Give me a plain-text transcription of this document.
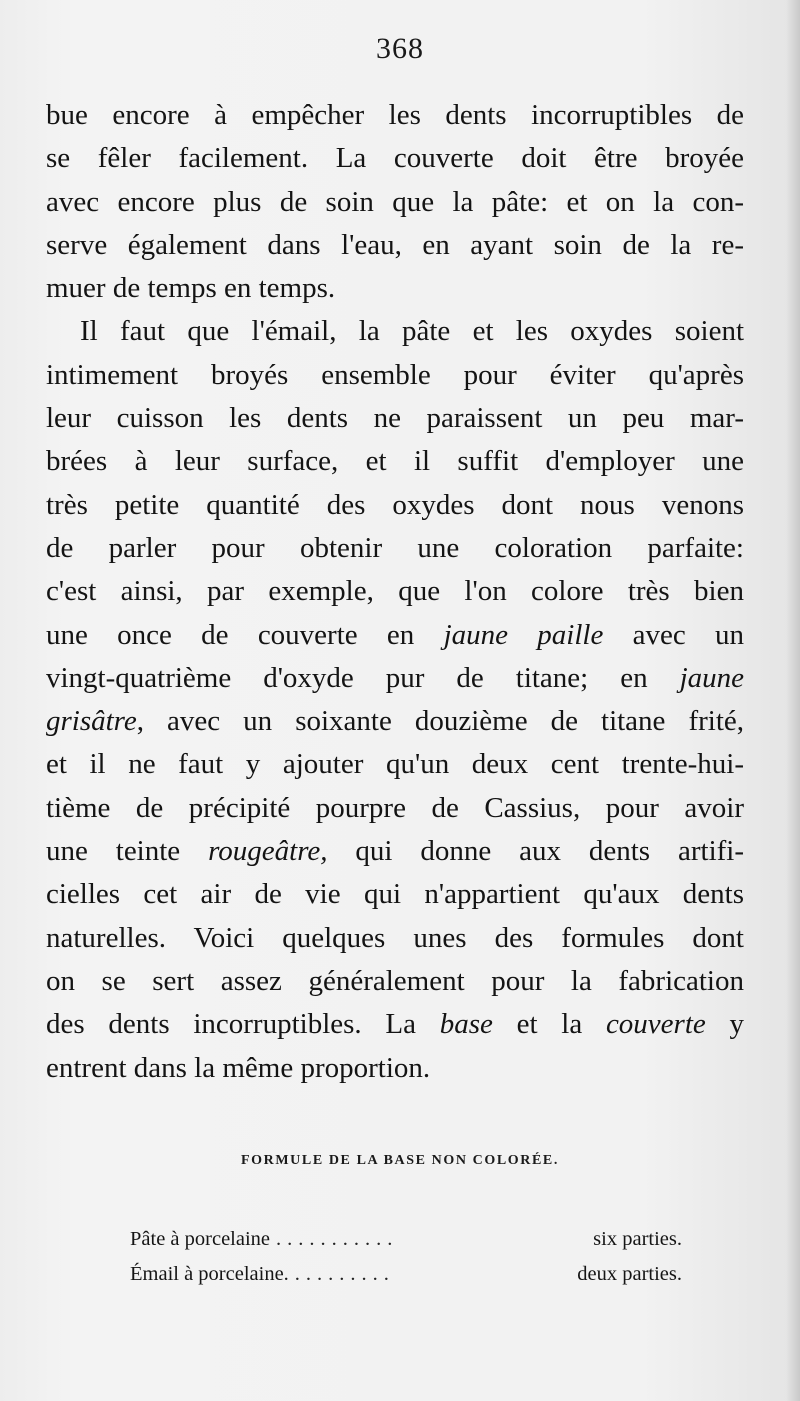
368
bue encore à empêcher les dents incorruptibles de
se fêler facilement. La couverte doit être broyée
avec encore plus de soin que la pâte: et on la con-
serve également dans l'eau, en ayant soin de la re-
muer de temps en temps.
Il faut que l'émail, la pâte et les oxydes soient
intimement broyés ensemble pour éviter qu'après
leur cuisson les dents ne paraissent un peu mar-
brées à leur surface, et il suffit d'employer une
très petite quantité des oxydes dont nous venons
de parler pour obtenir une coloration parfaite:
c'est ainsi, par exemple, que l'on colore très bien
une once de couverte en jaune paille avec un
vingt-quatrième d'oxyde pur de titane; en jaune
grisâtre, avec un soixante douzième de titane frité,
et il ne faut y ajouter qu'un deux cent trente-hui-
tième de précipité pourpre de Cassius, pour avoir
une teinte rougeâtre, qui donne aux dents artifi-
cielles cet air de vie qui n'appartient qu'aux dents
naturelles. Voici quelques unes des formules dont
on se sert assez généralement pour la fabrication
des dents incorruptibles. La base et la couverte y
entrent dans la même proportion.
FORMULE DE LA BASE NON COLORÉE.
Pâte à porcelaine ...........	six parties.
Émail à porcelaine. .........	deux parties.
